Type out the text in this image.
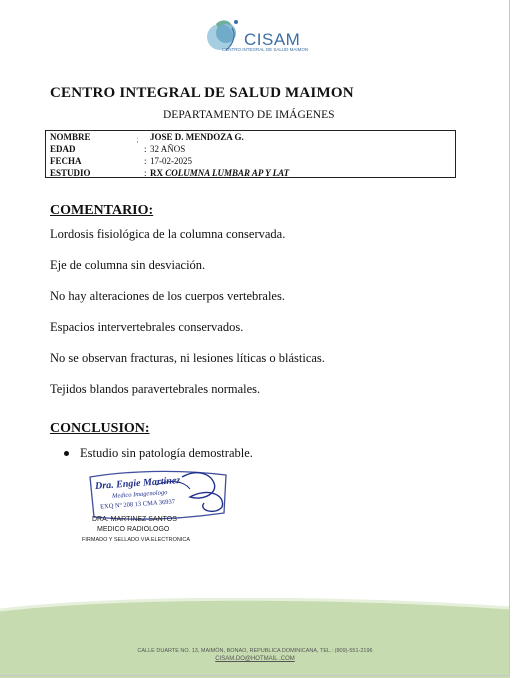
CISAM
CENTRO INTEGRAL DE SALUD MAIMON
CENTRO INTEGRAL DE SALUD MAIMON
DEPARTAMENTO DE IMÁGENES
NOMBRE	⁏ JOSE D. MENDOZA G.
EDAD	: 32 AÑOS
FECHA	: 17-02-2025
ESTUDIO	: RX COLUMNA LUMBAR AP Y LAT
COMENTARIO:
Lordosis fisiológica de la columna conservada.
Eje de columna sin desviación.
No hay alteraciones de los cuerpos vertebrales.
Espacios intervertebrales conservados.
No se observan fracturas, ni lesiones líticas o blásticas.
Tejidos blandos paravertebrales normales.
CONCLUSION:
Estudio sin patología demostrable.
Dra. Engie Martinez
Medico Imagenologo
EXQ Nº 208 13 CMA 36937
DRA. MARTINEZ SANTOS
MEDICO RADIOLOGO
FIRMADO Y SELLADO VIA ELECTRONICA
CALLE DUARTE NO. 13, MAIMÓN, BONAO, REPUBLICA DOMINICANA, TEL.: (809)-551-2196
CISAM.DO@HOTMAIL .COM
